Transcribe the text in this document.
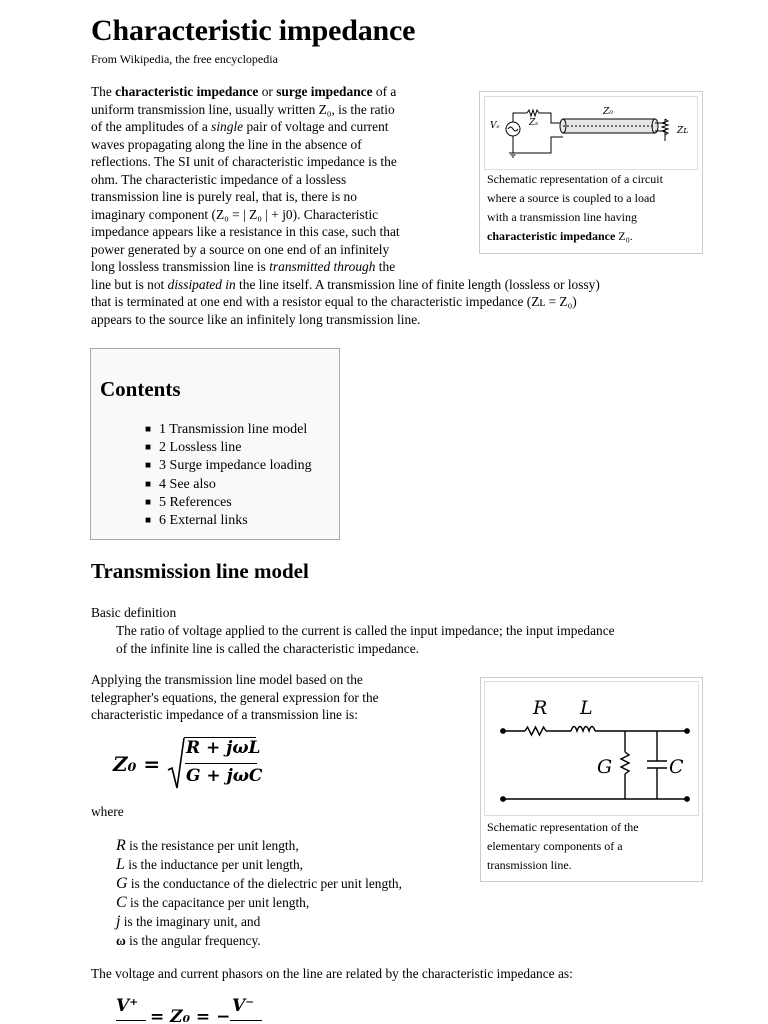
Characteristic impedance
From Wikipedia, the free encyclopedia
The characteristic impedance or surge impedance of a
uniform transmission line, usually written Z₀, is the ratio
of the amplitudes of a single pair of voltage and current
waves propagating along the line in the absence of
reflections. The SI unit of characteristic impedance is the
ohm. The characteristic impedance of a lossless
transmission line is purely real, that is, there is no
imaginary component (Z₀ = | Z₀ | + j0). Characteristic
impedance appears like a resistance in this case, such that
power generated by a source on one end of an infinitely
long lossless transmission line is transmitted through the
line but is not dissipated in the line itself. A transmission line of finite length (lossless or lossy)
that is terminated at one end with a resistor equal to the characteristic impedance (Zʟ = Z₀)
appears to the source like an infinitely long transmission line.
Vₛ	Zₛ
Z₀
Zʟ
Schematic representation of a circuit
where a source is coupled to a load
with a transmission line having
characteristic impedance Z₀.
Contents
■ 1 Transmission line model
■ 2 Lossless line
■ 3 Surge impedance loading
■ 4 See also
■ 5 References
■ 6 External links
Transmission line model
Basic definition
The ratio of voltage applied to the current is called the input impedance; the input impedance
of the infinite line is called the characteristic impedance.
Applying the transmission line model based on the
telegrapher's equations, the general expression for the
characteristic impedance of a transmission line is:
Z₀ =
R + jωL
G + jωC
where
R is the resistance per unit length,
L is the inductance per unit length,
G is the conductance of the dielectric per unit length,
C is the capacitance per unit length,
j is the imaginary unit, and
ω is the angular frequency.
The voltage and current phasors on the line are related by the characteristic impedance as:
V⁺
= Z₀ = −
V⁻
R L
G	C
Schematic representation of the
elementary components of a
transmission line.
